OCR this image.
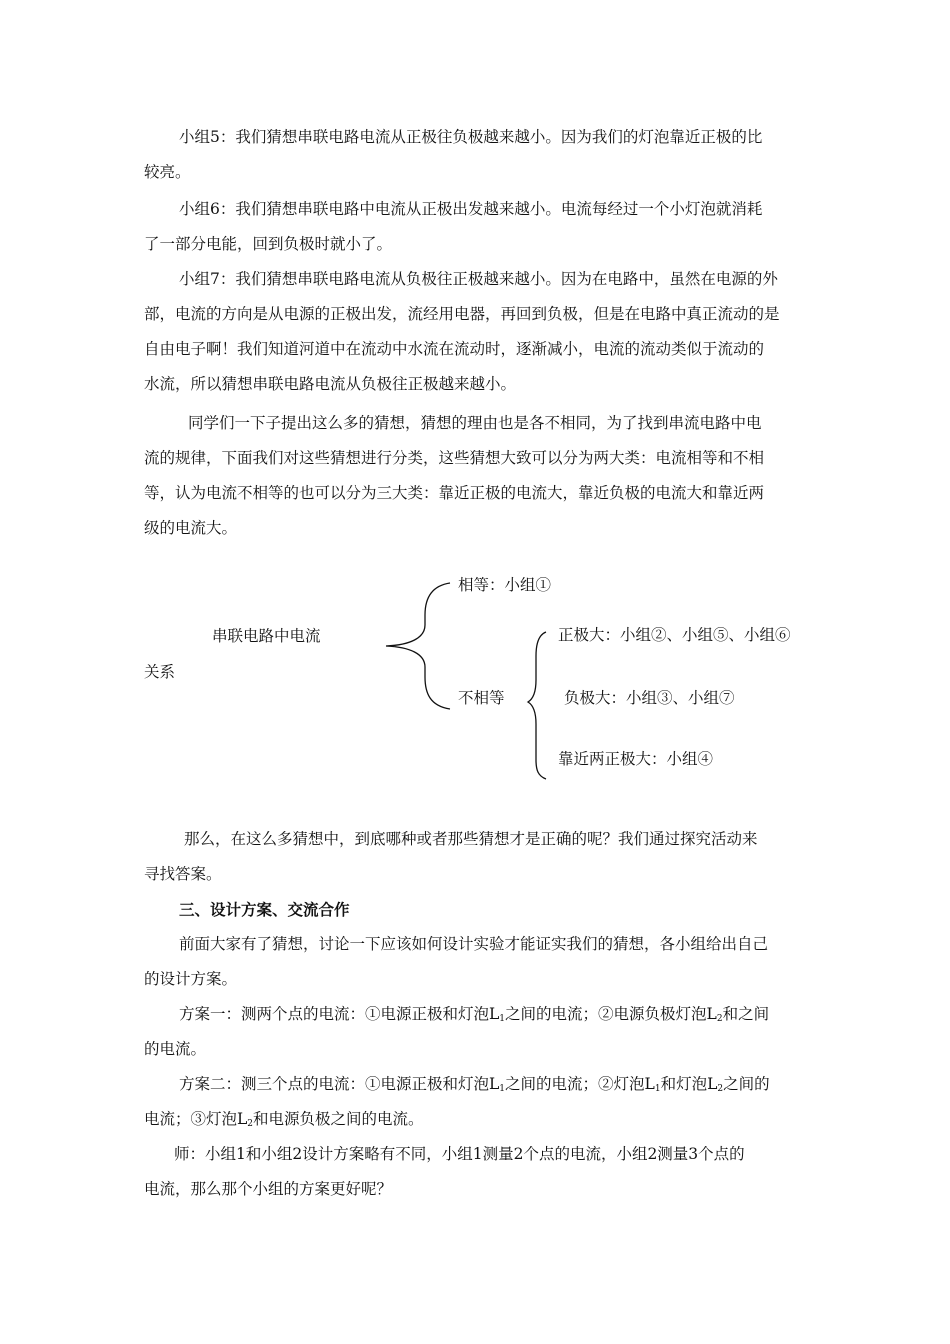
小组5：我们猜想串联电路电流从正极往负极越来越小。因为我们的灯泡靠近正极的比
较亮。
小组6：我们猜想串联电路中电流从正极出发越来越小。电流每经过一个小灯泡就消耗
了一部分电能，回到负极时就小了。
小组7：我们猜想串联电路电流从负极往正极越来越小。因为在电路中，虽然在电源的外
部，电流的方向是从电源的正极出发，流经用电器，再回到负极，但是在电路中真正流动的是
自由电子啊！我们知道河道中在流动中水流在流动时，逐渐减小，电流的流动类似于流动的
水流，所以猜想串联电路电流从负极往正极越来越小。
同学们一下子提出这么多的猜想，猜想的理由也是各不相同，为了找到串流电路中电
流的规律，下面我们对这些猜想进行分类，这些猜想大致可以分为两大类：电流相等和不相
等，认为电流不相等的也可以分为三大类：靠近正极的电流大，靠近负极的电流大和靠近两
级的电流大。
相等：小组①
串联电路中电流
关系
正极大：小组②、小组⑤、小组⑥
不相等	负极大：小组③、小组⑦
靠近两正极大：小组④
那么，在这么多猜想中，到底哪种或者那些猜想才是正确的呢？我们通过探究活动来
寻找答案。
三、设计方案、交流合作
前面大家有了猜想，讨论一下应该如何设计实验才能证实我们的猜想，各小组给出自己
的设计方案。
方案一：测两个点的电流：①电源正极和灯泡$L_1$之间的电流；②电源负极灯泡$L_2$和之间
的电流。
方案二：测三个点的电流：①电源正极和灯泡$L_1$之间的电流；②灯泡$L_1$和灯泡$L_2$之间的
电流；③灯泡$L_2$和电源负极之间的电流。
师：小组1和小组2设计方案略有不同，小组1测量2个点的电流，小组2测量3个点的
电流，那么那个小组的方案更好呢？
